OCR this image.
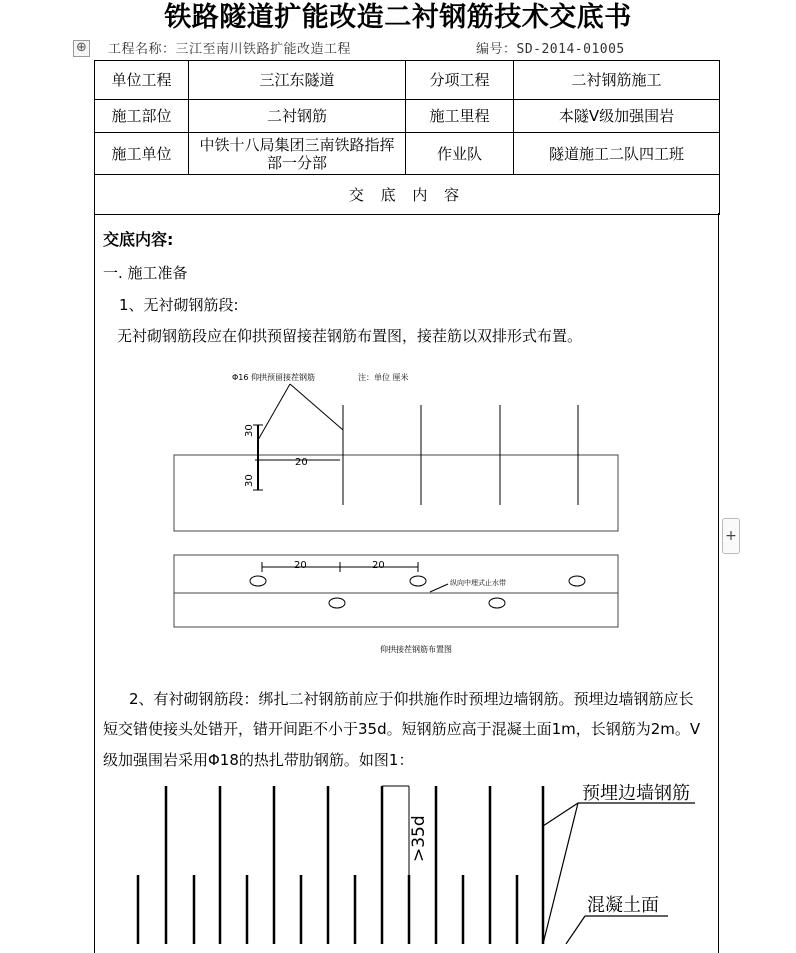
铁路隧道扩能改造二衬钢筋技术交底书
⊕ 工程名称：三江至南川铁路扩能改造工程	编号：SD-2014-01005
单位工程	三江东隧道	分项工程	二衬钢筋施工
施工部位	二衬钢筋	施工里程	本隧Ⅴ级加强围岩
施工单位	中铁十八局集团三南铁路指挥部一分部	作业队	隧道施工二队四工班
交 底 内 容			
交底内容:
一. 施工准备
1、无衬砌钢筋段:
无衬砌钢筋段应在仰拱预留接茬钢筋布置图，接茬筋以双排形式布置。
2、有衬砌钢筋段：绑扎二衬钢筋前应于仰拱施作时预埋边墙钢筋。预埋边墙钢筋应长
短交错使接头处错开，错开间距不小于35d。短钢筋应高于混凝土面1m，长钢筋为2m。V
级加强围岩采用Φ18的热扎带肋钢筋。如图1：
Φ16 仰拱预留接茬钢筋	注：单位 厘米
30
30
20
20	20
纵向中埋式止水带
仰拱接茬钢筋布置图
>35d
预埋边墙钢筋
混凝土面
+
